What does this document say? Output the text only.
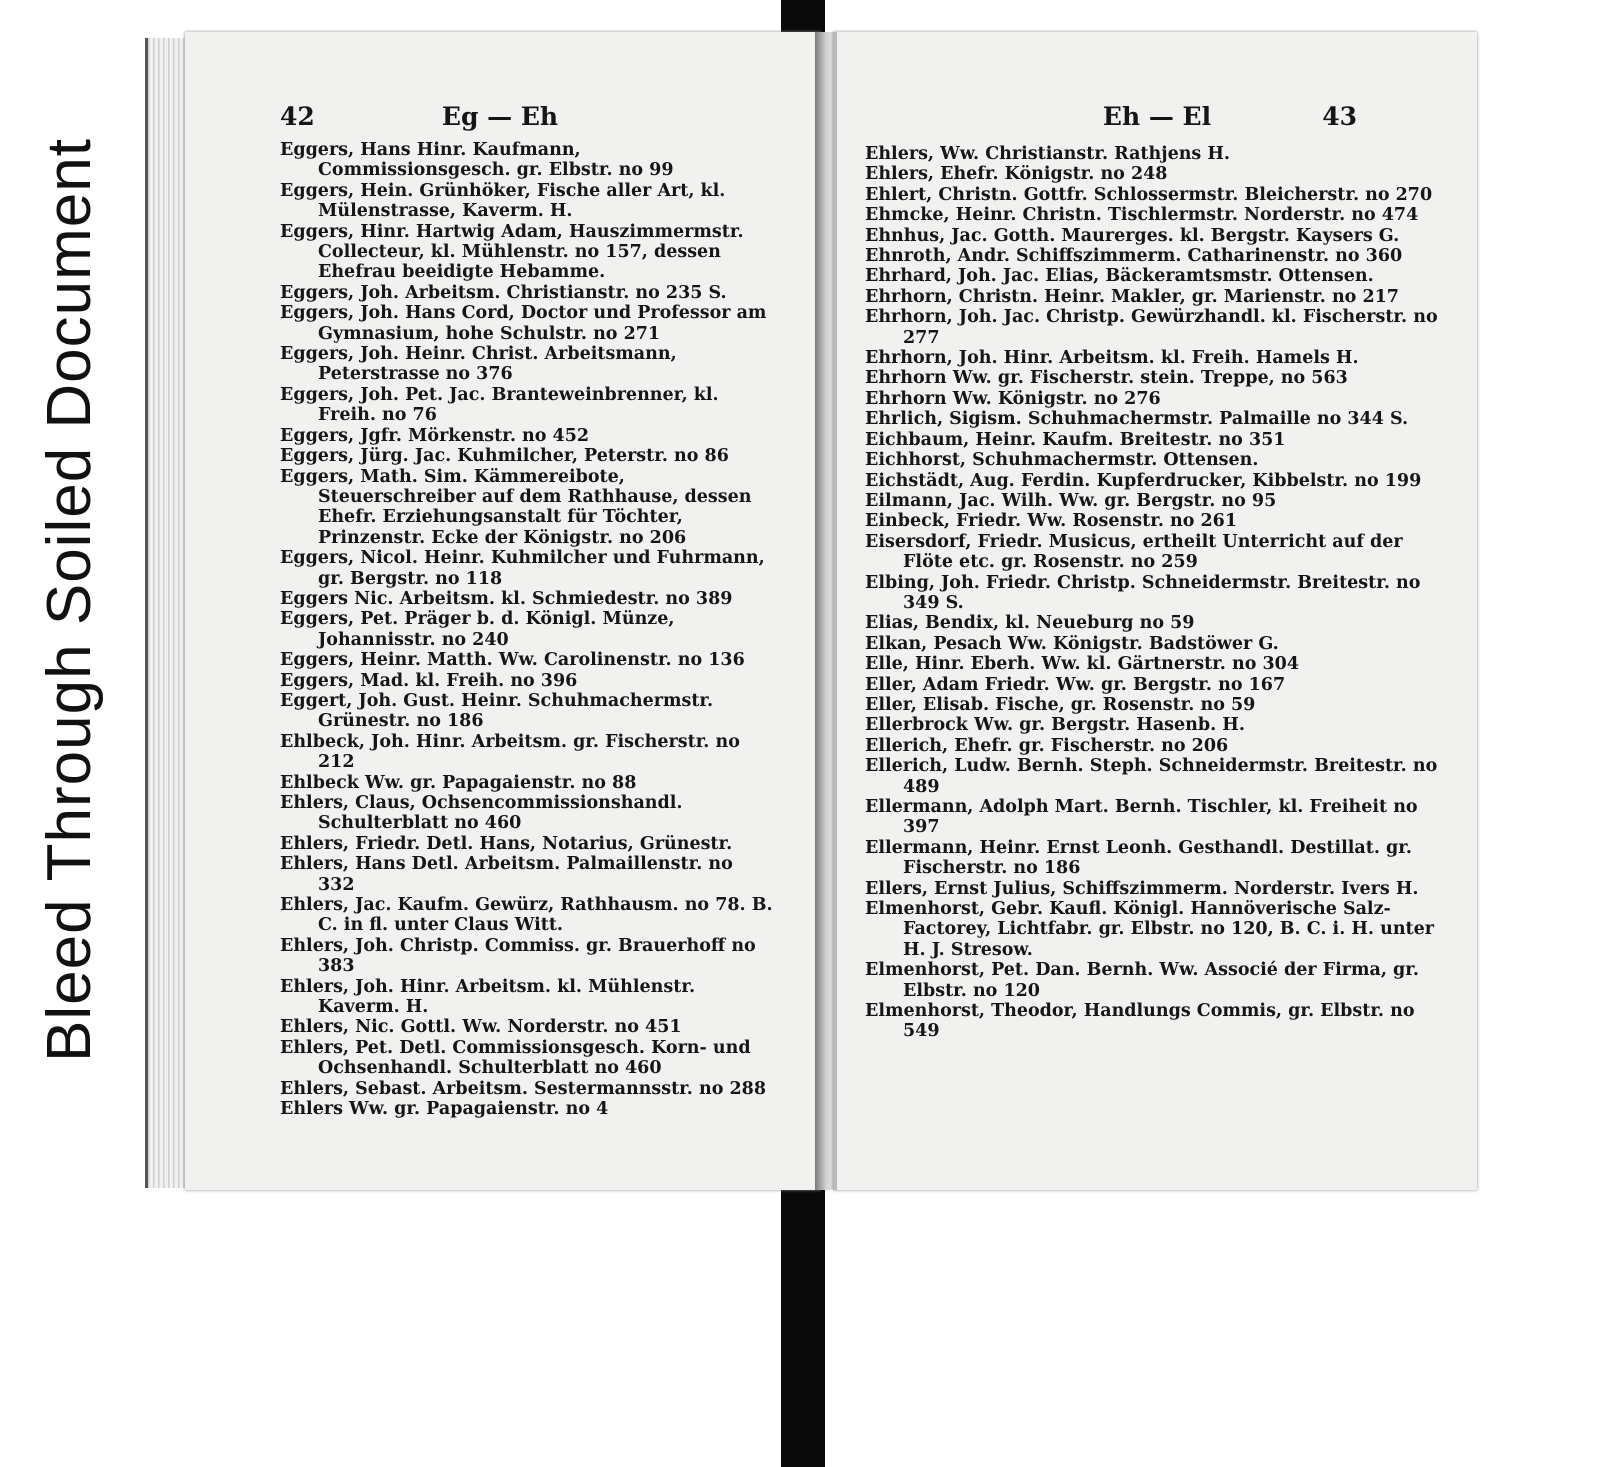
Bleed Through Soiled Document
42	Eg — Eh
Eggers, Hans Hinr. Kaufmann, Commissionsgesch. gr. Elbstr. no 99
Eggers, Hein. Grünhöker, Fische aller Art, kl. Mülenstrasse, Kaverm. H.
Eggers, Hinr. Hartwig Adam, Hauszimmermstr. Collecteur, kl. Mühlenstr. no 157, dessen Ehefrau beeidigte Hebamme.
Eggers, Joh. Arbeitsm. Christianstr. no 235 S.
Eggers, Joh. Hans Cord, Doctor und Professor am Gymnasium, hohe Schulstr. no 271
Eggers, Joh. Heinr. Christ. Arbeitsmann, Peterstrasse no 376
Eggers, Joh. Pet. Jac. Branteweinbrenner, kl. Freih. no 76
Eggers, Jgfr. Mörkenstr. no 452
Eggers, Jürg. Jac. Kuhmilcher, Peterstr. no 86
Eggers, Math. Sim. Kämmereibote, Steuerschreiber auf dem Rathhause, dessen Ehefr. Erziehungsanstalt für Töchter, Prinzenstr. Ecke der Königstr. no 206
Eggers, Nicol. Heinr. Kuhmilcher und Fuhrmann, gr. Bergstr. no 118
Eggers Nic. Arbeitsm. kl. Schmiedestr. no 389
Eggers, Pet. Präger b. d. Königl. Münze, Johannisstr. no 240
Eggers, Heinr. Matth. Ww. Carolinenstr. no 136
Eggers, Mad. kl. Freih. no 396
Eggert, Joh. Gust. Heinr. Schuhmachermstr. Grünestr. no 186
Ehlbeck, Joh. Hinr. Arbeitsm. gr. Fischerstr. no 212
Ehlbeck Ww. gr. Papagaienstr. no 88
Ehlers, Claus, Ochsencommissionshandl. Schulterblatt no 460
Ehlers, Friedr. Detl. Hans, Notarius, Grünestr.
Ehlers, Hans Detl. Arbeitsm. Palmaillenstr. no 332
Ehlers, Jac. Kaufm. Gewürz, Rathhausm. no 78. B. C. in fl. unter Claus Witt.
Ehlers, Joh. Christp. Commiss. gr. Brauerhoff no 383
Ehlers, Joh. Hinr. Arbeitsm. kl. Mühlenstr. Kaverm. H.
Ehlers, Nic. Gottl. Ww. Norderstr. no 451
Ehlers, Pet. Detl. Commissionsgesch. Korn- und Ochsenhandl. Schulterblatt no 460
Ehlers, Sebast. Arbeitsm. Sestermannsstr. no 288
Ehlers Ww. gr. Papagaienstr. no 4
Eh — El	43
Ehlers, Ww. Christianstr. Rathjens H.
Ehlers, Ehefr. Königstr. no 248
Ehlert, Christn. Gottfr. Schlossermstr. Bleicherstr. no 270
Ehmcke, Heinr. Christn. Tischlermstr. Norderstr. no 474
Ehnhus, Jac. Gotth. Maurerges. kl. Bergstr. Kaysers G.
Ehnroth, Andr. Schiffszimmerm. Catharinenstr. no 360
Ehrhard, Joh. Jac. Elias, Bäckeramtsmstr. Ottensen.
Ehrhorn, Christn. Heinr. Makler, gr. Marienstr. no 217
Ehrhorn, Joh. Jac. Christp. Gewürzhandl. kl. Fischerstr. no 277
Ehrhorn, Joh. Hinr. Arbeitsm. kl. Freih. Hamels H.
Ehrhorn Ww. gr. Fischerstr. stein. Treppe, no 563
Ehrhorn Ww. Königstr. no 276
Ehrlich, Sigism. Schuhmachermstr. Palmaille no 344 S.
Eichbaum, Heinr. Kaufm. Breitestr. no 351
Eichhorst, Schuhmachermstr. Ottensen.
Eichstädt, Aug. Ferdin. Kupferdrucker, Kibbelstr. no 199
Eilmann, Jac. Wilh. Ww. gr. Bergstr. no 95
Einbeck, Friedr. Ww. Rosenstr. no 261
Eisersdorf, Friedr. Musicus, ertheilt Unterricht auf der Flöte etc. gr. Rosenstr. no 259
Elbing, Joh. Friedr. Christp. Schneidermstr. Breitestr. no 349 S.
Elias, Bendix, kl. Neueburg no 59
Elkan, Pesach Ww. Königstr. Badstöwer G.
Elle, Hinr. Eberh. Ww. kl. Gärtnerstr. no 304
Eller, Adam Friedr. Ww. gr. Bergstr. no 167
Eller, Elisab. Fische, gr. Rosenstr. no 59
Ellerbrock Ww. gr. Bergstr. Hasenb. H.
Ellerich, Ehefr. gr. Fischerstr. no 206
Ellerich, Ludw. Bernh. Steph. Schneidermstr. Breitestr. no 489
Ellermann, Adolph Mart. Bernh. Tischler, kl. Freiheit no 397
Ellermann, Heinr. Ernst Leonh. Gesthandl. Destillat. gr. Fischerstr. no 186
Ellers, Ernst Julius, Schiffszimmerm. Norderstr. Ivers H.
Elmenhorst, Gebr. Kaufl. Königl. Hannöverische Salz-Factorey, Lichtfabr. gr. Elbstr. no 120, B. C. i. H. unter H. J. Stresow.
Elmenhorst, Pet. Dan. Bernh. Ww. Associé der Firma, gr. Elbstr. no 120
Elmenhorst, Theodor, Handlungs Commis, gr. Elbstr. no 549
